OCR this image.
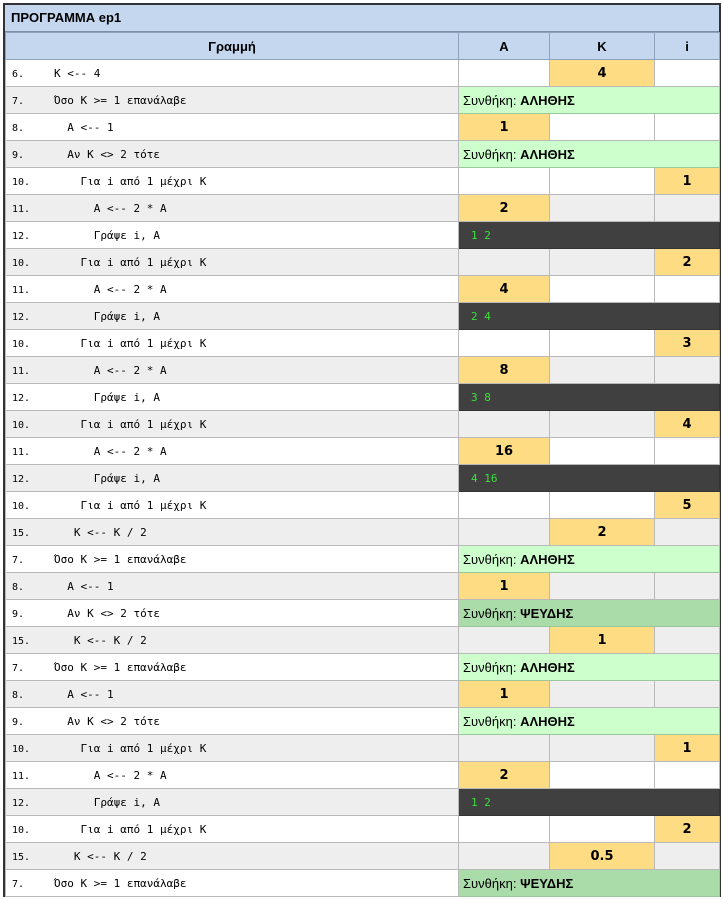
ΠΡΟΓΡΑΜΜΑ ep1
Γραμμή	A	K	i
6. K <-- 4		4	
7. Όσο K >= 1 επανάλαβε	Συνθήκη: ΑΛΗΘΗΣ		
8. A <-- 1	1		
9. Αν K <> 2 τότε	Συνθήκη: ΑΛΗΘΗΣ		
10.    Για i από 1 μέχρι K			1
11.      A <-- 2 * A	2		
12.      Γράψε i, A	1 2		
10.    Για i από 1 μέχρι K			2
11.      A <-- 2 * A	4		
12.      Γράψε i, A	2 4		
10.    Για i από 1 μέχρι K			3
11.      A <-- 2 * A	8		
12.      Γράψε i, A	3 8		
10.    Για i από 1 μέχρι K			4
11.      A <-- 2 * A	16		
12.      Γράψε i, A	4 16		
10.    Για i από 1 μέχρι K			5
15.   K <-- K / 2		2	
7. Όσο K >= 1 επανάλαβε	Συνθήκη: ΑΛΗΘΗΣ		
8. A <-- 1	1		
9. Αν K <> 2 τότε	Συνθήκη: ΨΕΥΔΗΣ		
15.   K <-- K / 2		1	
7. Όσο K >= 1 επανάλαβε	Συνθήκη: ΑΛΗΘΗΣ		
8. A <-- 1	1		
9. Αν K <> 2 τότε	Συνθήκη: ΑΛΗΘΗΣ		
10.    Για i από 1 μέχρι K			1
11.      A <-- 2 * A	2		
12.      Γράψε i, A	1 2		
10.    Για i από 1 μέχρι K			2
15.   K <-- K / 2		0.5	
7. Όσο K >= 1 επανάλαβε	Συνθήκη: ΨΕΥΔΗΣ		
